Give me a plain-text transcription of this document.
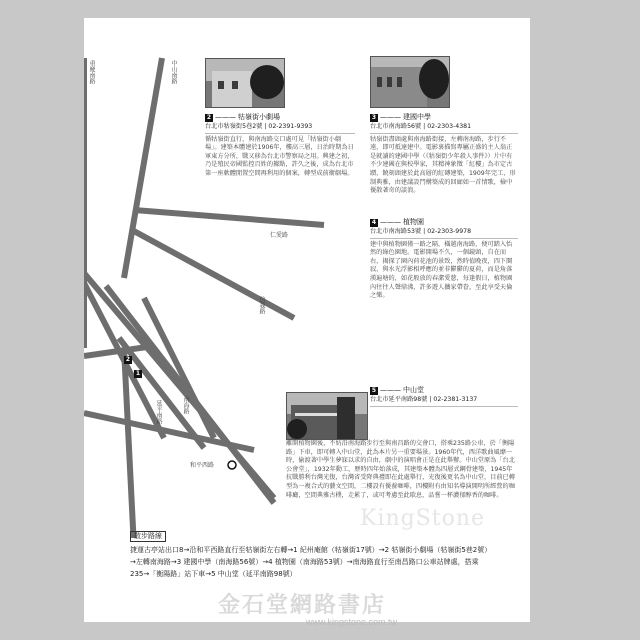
中山南路
重慶南路
仁愛路
信義路
和平西路
南海路
延平南路
2
1
2 ——— 牯嶺街小劇場
台北市牯嶺街5巷2號 | 02-2391-9393
循牯嶺街直行，與南海路交口處可見「牯嶺街小劇場」。建築本體建於1906年，樓高三層，日治時期為日軍東方分所，戰又移為台北市警察局之用。興建之初，乃是殖民帝國監控百姓的據點，許久之後，成為台北市第一座軟體閒置空間再利用的個案，轉型成前衛劇場。
3 ——— 建國中學
台北市南海路56號 | 02-2303-4381
牯嶺街盡頭處與南海路街接，左轉南海路，步行不遠，即可抵達建中。電影裏描寫專屬正盛的主人翁正是就讀的建國中學（《牯嶺街少年殺人事件》）片中有不少建國在與校學家，其精神象徵「紅樓」為市定古蹟，饒刻頭建於此高層的紅磚建築，1909年完工，形制典雅，由建議設門構築成的回廊如一首情歌，檢中優散著奇的談浪。
4 ——— 植物園
台北市南海路53號 | 02-2303-9978
建中與植物園僅一路之隔，橫越南海路，便可踏入怡然的綠色園地。電影開場不久，一個鏡頭，自在而右，揭探了園內荷花池的景致，然時值晚夜，四下闃寂，與水光浮影相呼應的並非鬱鬱的夏荷，而是角落漢遍塘的，如花般放的春潔愛慈，每逢假日，植物園內往往人聲鼎沸，許多遊人攜家帶眷，至此享受天倫之樂。
5 ——— 中山堂
台北市延平南路98號 | 02-2381-3137
離開植物園後，不妨沿南海路步行至與南昌路的交會口，搭乘235路公車，於「衡陽路」下車，即可轉入中山堂，此為本片另一重要場景。1960年代，西洋歌曲風靡一時，偷渡著中學生夢寐以求的自由，劇中的演唱會正是在此舉辦。中山堂原為「台北公會堂」，1932年動工，歷時四年始落成，其建築本體為四層式鋼骨建築，1945年抗戰勝利台灣光復，台灣省受降典禮即在此處舉行，光復後更名為中山堂，目前已轉型為一複合式的藝文空間，二樓設有優養咖啡，四樓附有由知名導演開明所經營的咖啡廳，空間典雅古樸，走累了，或可考慮至此歇息，品嘗一杯濃郁醇香的咖啡。
散步路線
捷運古亭站出口8→沿和平西路直行至牯嶺街左右轉→1 紀州庵館（牯嶺街17號）→2 牯嶺街小劇場（牯嶺街5巷2號）
→左轉南海路→3 建國中學（南海路56號）→4 植物園（南海路53號）→南海路直行至南昌路口公車站牌處，搭乘
235→「衡陽路」站下車→5 中山堂（延平南路98號）
KingStone
金石堂網路書店
www.kingstone.com.tw
